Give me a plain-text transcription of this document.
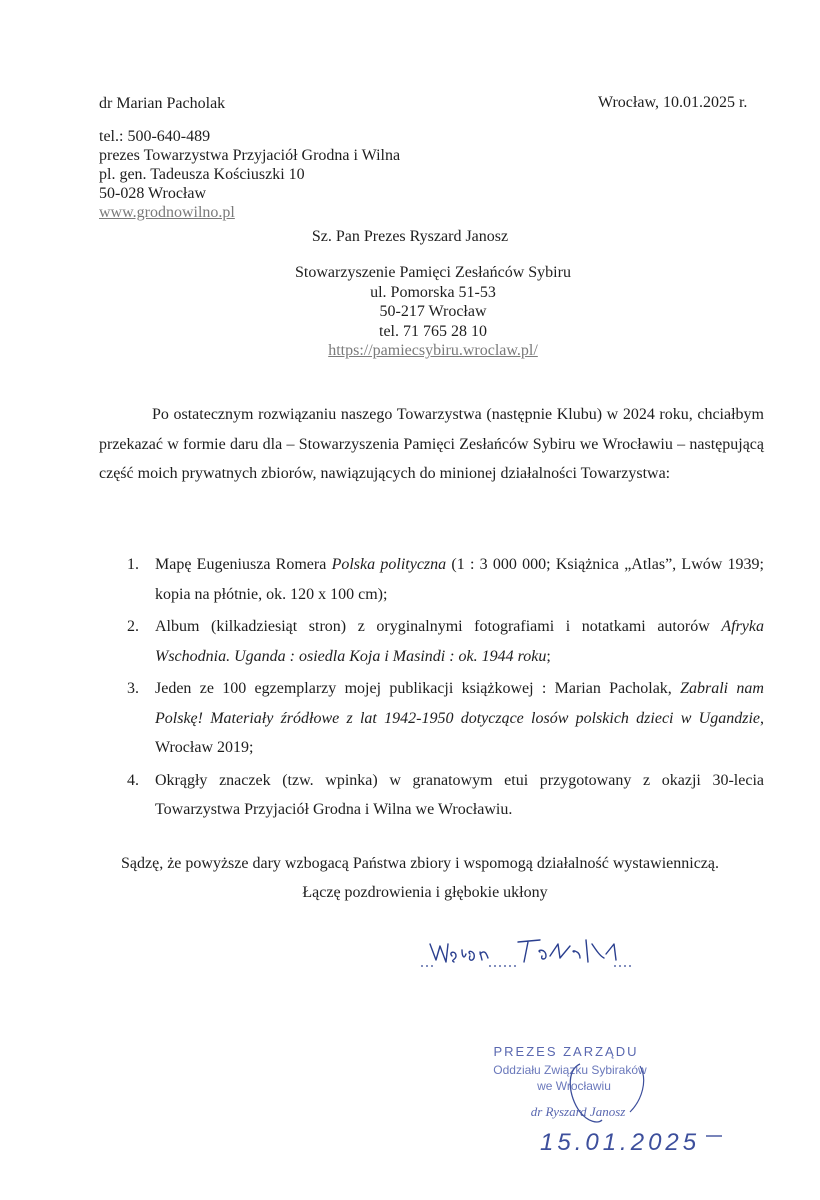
dr Marian Pacholak
tel.: 500-640-489
prezes Towarzystwa Przyjaciół Grodna i Wilna
pl. gen. Tadeusza Kościuszki 10
50-028 Wrocław
www.grodnowilno.pl
Wrocław, 10.01.2025 r.
Sz. Pan Prezes Ryszard Janosz
Stowarzyszenie Pamięci Zesłańców Sybiru
ul. Pomorska 51-53
50-217 Wrocław
tel. 71 765 28 10
https://pamiecsybiru.wroclaw.pl/
Po ostatecznym rozwiązaniu naszego Towarzystwa (następnie Klubu) w 2024 roku, chciałbym przekazać w formie daru dla – Stowarzyszenia Pamięci Zesłańców Sybiru we Wrocławiu – następującą część moich prywatnych zbiorów, nawiązujących do minionej działalności Towarzystwa:
1. Mapę Eugeniusza Romera Polska polityczna (1 : 3 000 000; Książnica „Atlas”, Lwów 1939; kopia na płótnie, ok. 120 x 100 cm);
2. Album (kilkadziesiąt stron) z oryginalnymi fotografiami i notatkami autorów Afryka Wschodnia. Uganda : osiedla Koja i Masindi : ok. 1944 roku;
3. Jeden ze 100 egzemplarzy mojej publikacji książkowej : Marian Pacholak, Zabrali nam Polskę! Materiały źródłowe z lat 1942-1950 dotyczące losów polskich dzieci w Ugandzie, Wrocław 2019;
4. Okrągły znaczek (tzw. wpinka) w granatowym etui przygotowany z okazji 30-lecia Towarzystwa Przyjaciół Grodna i Wilna we Wrocławiu.
Sądzę, że powyższe dary wzbogacą Państwa zbiory i wspomogą działalność wystawienniczą.
Łączę pozdrowienia i głębokie ukłony
Marian Pacholak
PREZES ZARZĄDU
Oddziału Związku Sybiraków
we Wrocławiu
dr Ryszard Janosz
15.01.2025
